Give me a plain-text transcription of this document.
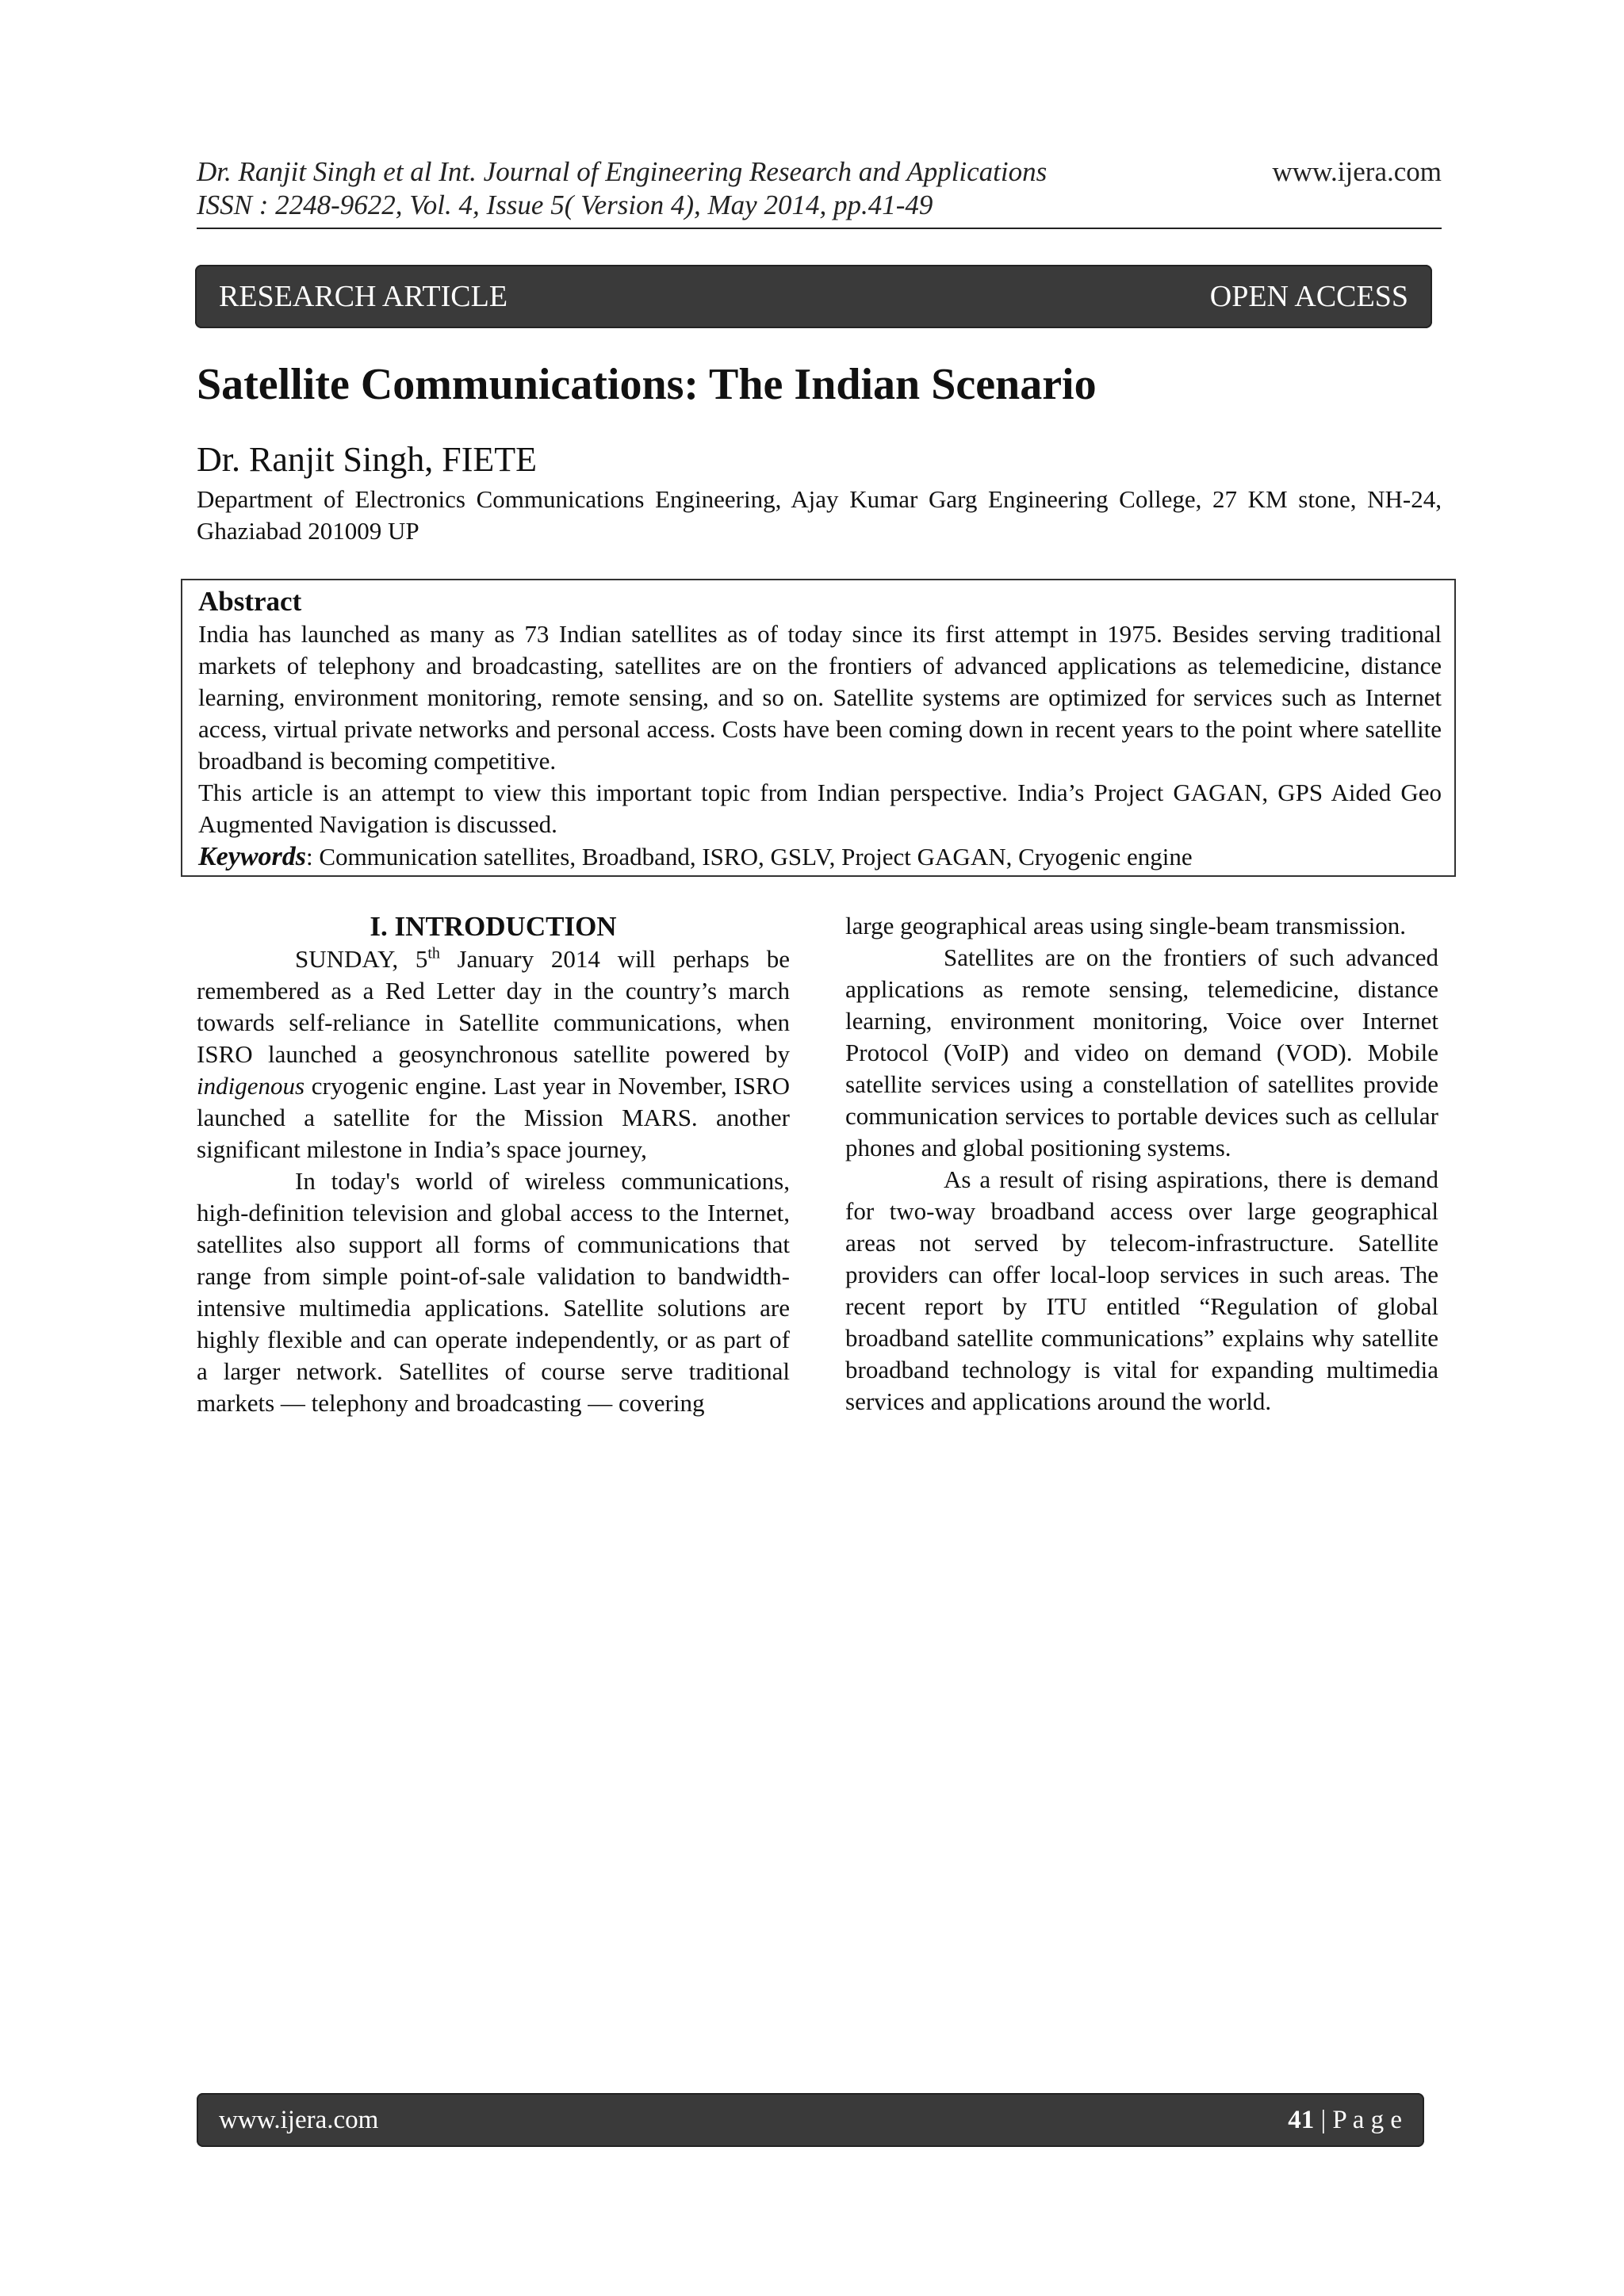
Dr. Ranjit Singh et al Int. Journal of Engineering Research and Applications
ISSN : 2248-9622, Vol. 4, Issue 5( Version 4), May 2014, pp.41-49
www.ijera.com
RESEARCH ARTICLE	OPEN ACCESS
Satellite Communications: The Indian Scenario
Dr. Ranjit Singh, FIETE
Department of Electronics Communications Engineering, Ajay Kumar Garg Engineering College, 27 KM stone, NH-24, Ghaziabad 201009 UP
Abstract

India has launched as many as 73 Indian satellites as of today since its first attempt in 1975. Besides serving traditional markets of telephony and broadcasting, satellites are on the frontiers of advanced applications as telemedicine, distance learning, environment monitoring, remote sensing, and so on. Satellite systems are optimized for services such as Internet access, virtual private networks and personal access. Costs have been coming down in recent years to the point where satellite broadband is becoming competitive.

This article is an attempt to view this important topic from Indian perspective. India’s Project GAGAN, GPS Aided Geo Augmented Navigation is discussed.

Keywords: Communication satellites, Broadband, ISRO, GSLV, Project GAGAN, Cryogenic engine
I. INTRODUCTION

SUNDAY, 5th January 2014 will perhaps be remembered as a Red Letter day in the country’s march towards self-reliance in Satellite communications, when ISRO launched a geosynchronous satellite powered by indigenous cryogenic engine. Last year in November, ISRO launched a satellite for the Mission MARS. another significant milestone in India’s space journey,

In today's world of wireless communications, high-definition television and global access to the Internet, satellites also support all forms of communications that range from simple point-of-sale validation to bandwidth-intensive multimedia applications. Satellite solutions are highly flexible and can operate independently, or as part of a larger network. Satellites of course serve traditional markets — telephony and broadcasting — covering

large geographical areas using single-beam transmission.

Satellites are on the frontiers of such advanced applications as remote sensing, telemedicine, distance learning, environment monitoring, Voice over Internet Protocol (VoIP) and video on demand (VOD). Mobile satellite services using a constellation of satellites provide communication services to portable devices such as cellular phones and global positioning systems.

As a result of rising aspirations, there is demand for two-way broadband access over large geographical areas not served by telecom-infrastructure. Satellite providers can offer local-loop services in such areas. The recent report by ITU entitled “Regulation of global broadband satellite communications” explains why satellite broadband technology is vital for expanding multimedia services and applications around the world.

www.ijera.com	41 | P a g e
